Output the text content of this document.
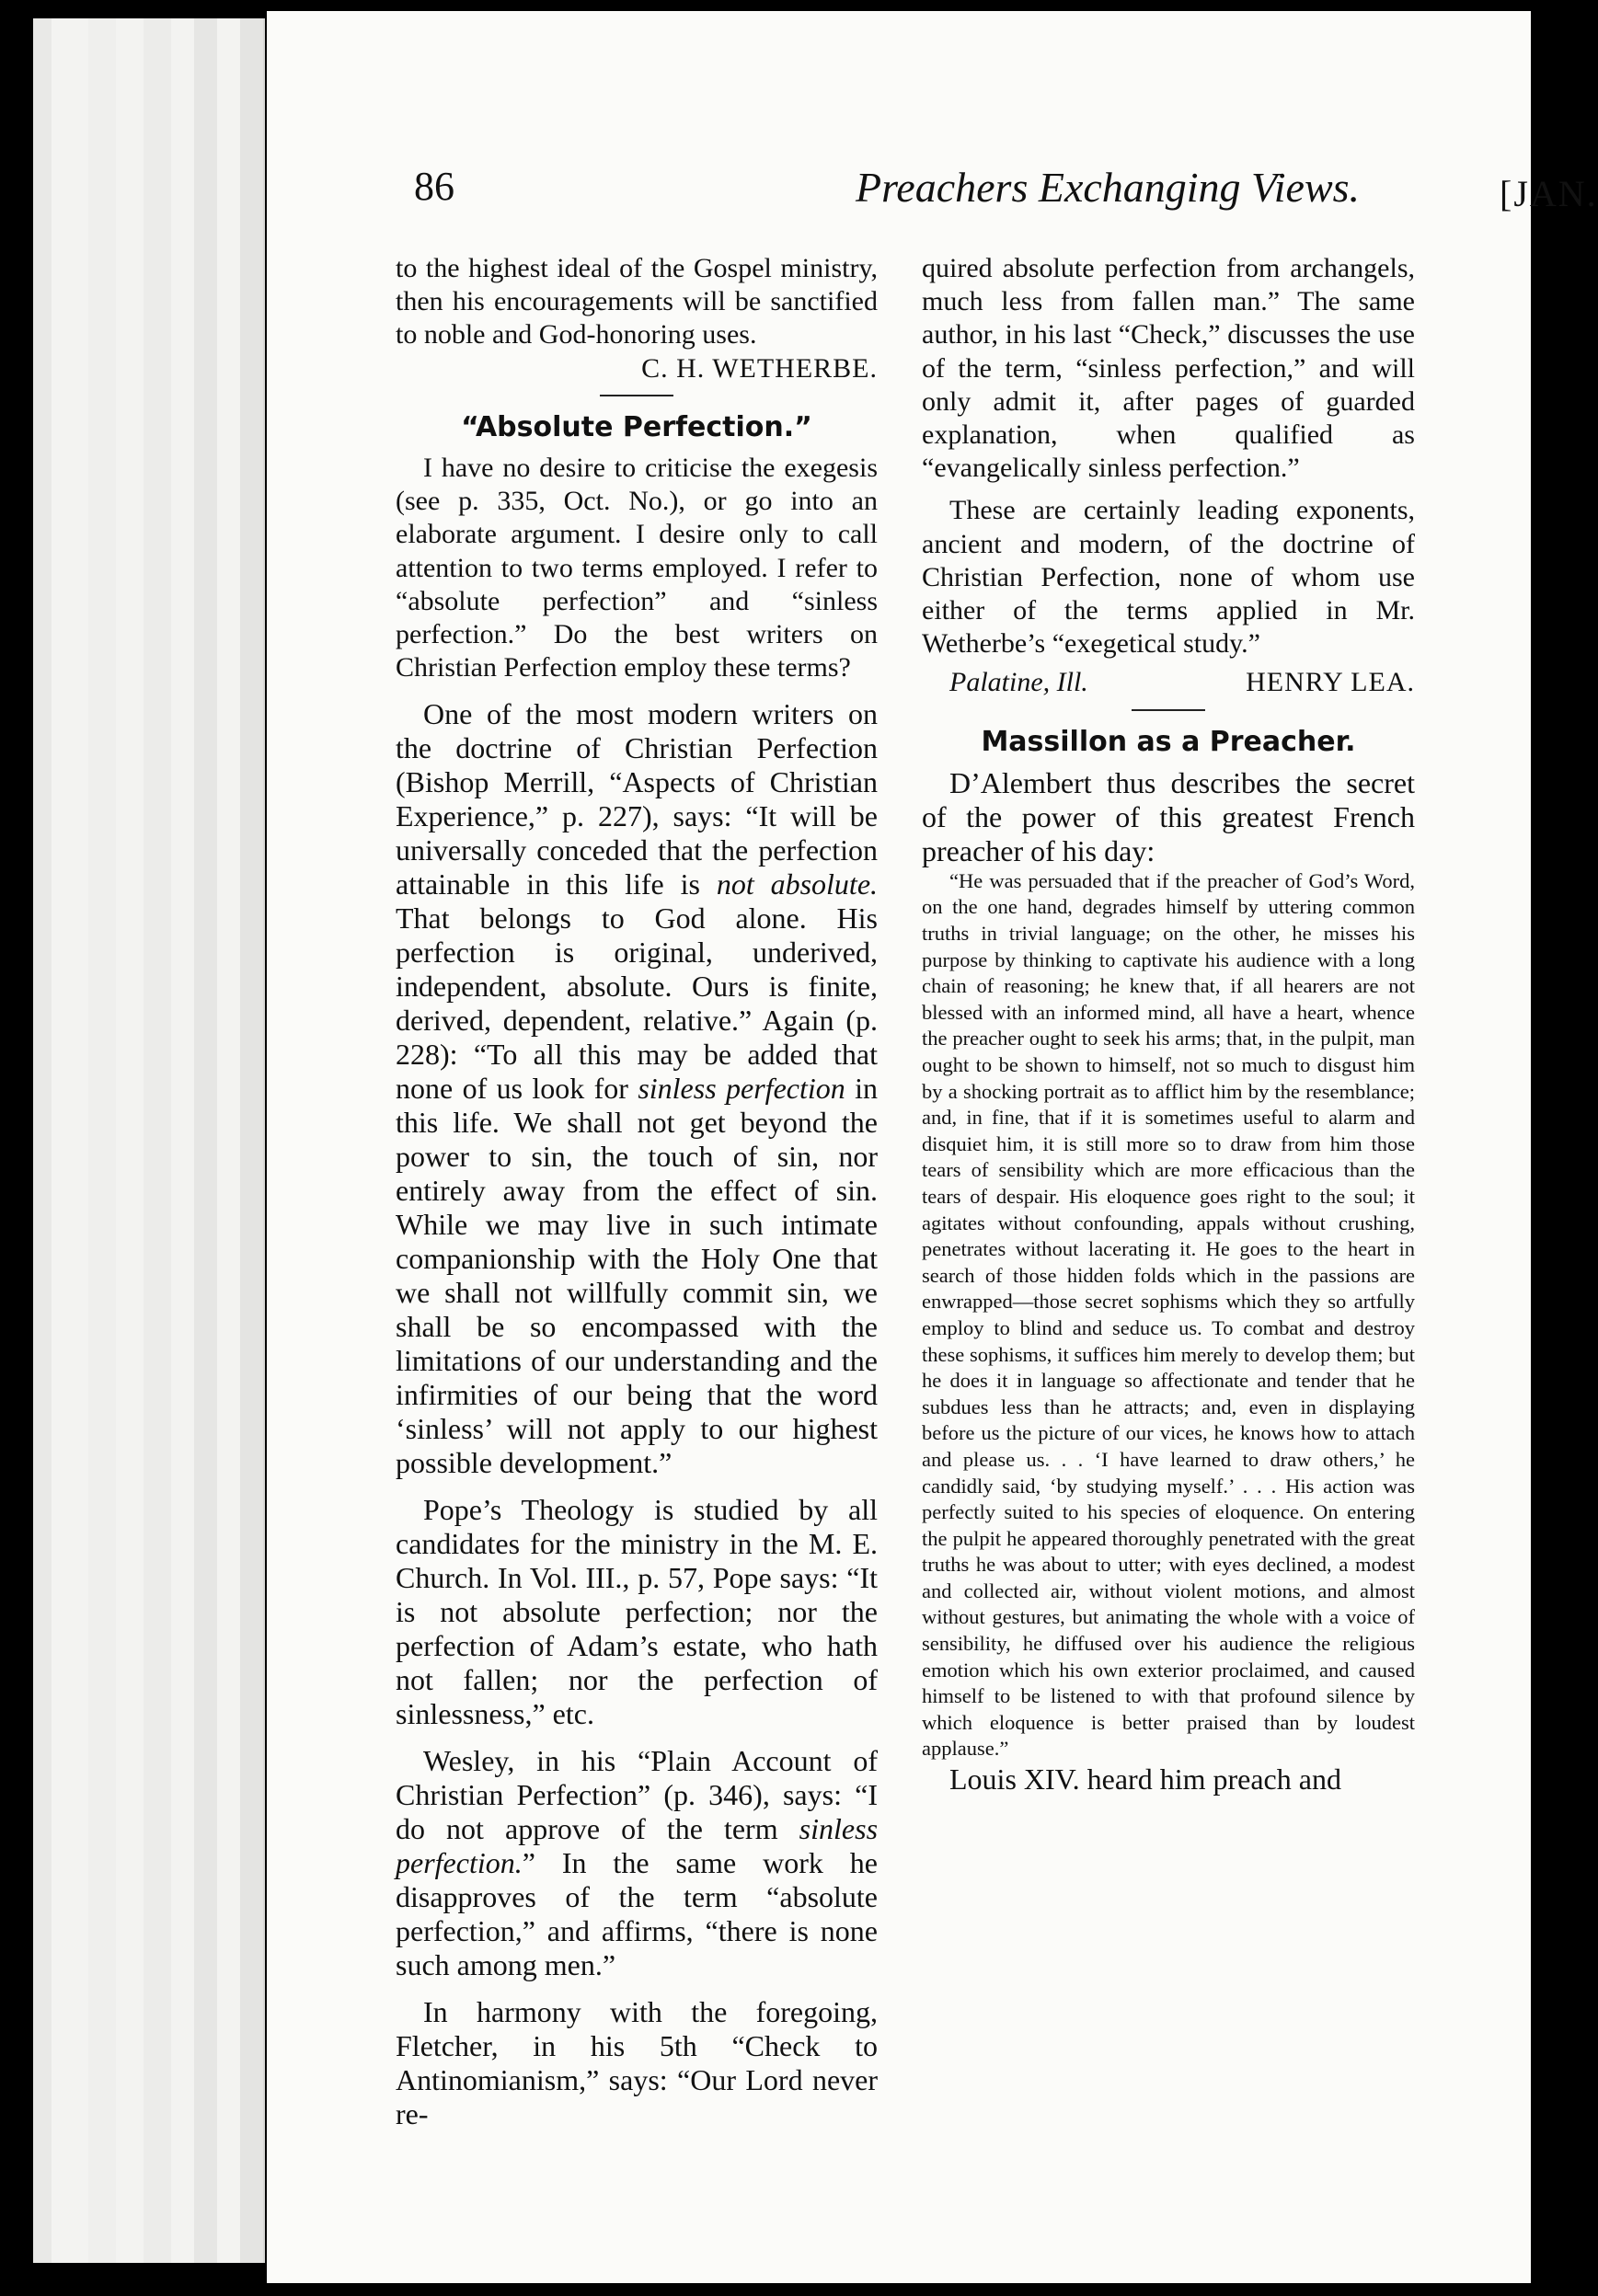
86	Preachers Exchanging Views.	[JAN.

to the highest ideal of the Gospel ministry, then his encouragements will be sanctified to noble and God-honoring uses.

C. H. WETHERBE.

“Absolute Perfection.”

I have no desire to criticise the exegesis (see p. 335, Oct. No.), or go into an elaborate argument. I desire only to call attention to two terms employed. I refer to “absolute perfection” and “sinless perfection.” Do the best writers on Christian Perfection employ these terms?

One of the most modern writers on the doctrine of Christian Perfection (Bishop Merrill, “Aspects of Christian Experience,” p. 227), says: “It will be universally conceded that the perfection attainable in this life is not absolute. That belongs to God alone. His perfection is original, underived, independent, absolute. Ours is finite, derived, dependent, relative.” Again (p. 228): “To all this may be added that none of us look for sinless perfection in this life. We shall not get beyond the power to sin, the touch of sin, nor entirely away from the effect of sin. While we may live in such intimate companionship with the Holy One that we shall not willfully commit sin, we shall be so encompassed with the limitations of our understanding and the infirmities of our being that the word ‘sinless’ will not apply to our highest possible development.”

Pope’s Theology is studied by all candidates for the ministry in the M. E. Church. In Vol. III., p. 57, Pope says: “It is not absolute perfection; nor the perfection of Adam’s estate, who hath not fallen; nor the perfection of sinlessness,” etc.

Wesley, in his “Plain Account of Christian Perfection” (p. 346), says: “I do not approve of the term sinless perfection.” In the same work he disapproves of the term “absolute perfection,” and affirms, “there is none such among men.”

In harmony with the foregoing, Fletcher, in his 5th “Check to Antinomianism,” says: “Our Lord never re-

quired absolute perfection from archangels, much less from fallen man.” The same author, in his last “Check,” discusses the use of the term, “sinless perfection,” and will only admit it, after pages of guarded explanation, when qualified as “evangelically sinless perfection.”

These are certainly leading exponents, ancient and modern, of the doctrine of Christian Perfection, none of whom use either of the terms applied in Mr. Wetherbe’s “exegetical study.”

Palatine, Ill.	HENRY LEA.
Massillon as a Preacher.

D’Alembert thus describes the secret of the power of this greatest French preacher of his day:

“He was persuaded that if the preacher of God’s Word, on the one hand, degrades himself by uttering common truths in trivial language; on the other, he misses his purpose by thinking to captivate his audience with a long chain of reasoning; he knew that, if all hearers are not blessed with an informed mind, all have a heart, whence the preacher ought to seek his arms; that, in the pulpit, man ought to be shown to himself, not so much to disgust him by a shocking portrait as to afflict him by the resemblance; and, in fine, that if it is sometimes useful to alarm and disquiet him, it is still more so to draw from him those tears of sensibility which are more efficacious than the tears of despair. His eloquence goes right to the soul; it agitates without confounding, appals without crushing, penetrates without lacerating it. He goes to the heart in search of those hidden folds which in the passions are enwrapped—those secret sophisms which they so artfully employ to blind and seduce us. To combat and destroy these sophisms, it suffices him merely to develop them; but he does it in language so affectionate and tender that he subdues less than he attracts; and, even in displaying before us the picture of our vices, he knows how to attach and please us. . . ‘I have learned to draw others,’ he candidly said, ‘by studying myself.’ . . . His action was perfectly suited to his species of eloquence. On entering the pulpit he appeared thoroughly penetrated with the great truths he was about to utter; with eyes declined, a modest and collected air, without violent motions, and almost without gestures, but animating the whole with a voice of sensibility, he diffused over his audience the religious emotion which his own exterior proclaimed, and caused himself to be listened to with that profound silence by which eloquence is better praised than by loudest applause.”

Louis XIV. heard him preach and
